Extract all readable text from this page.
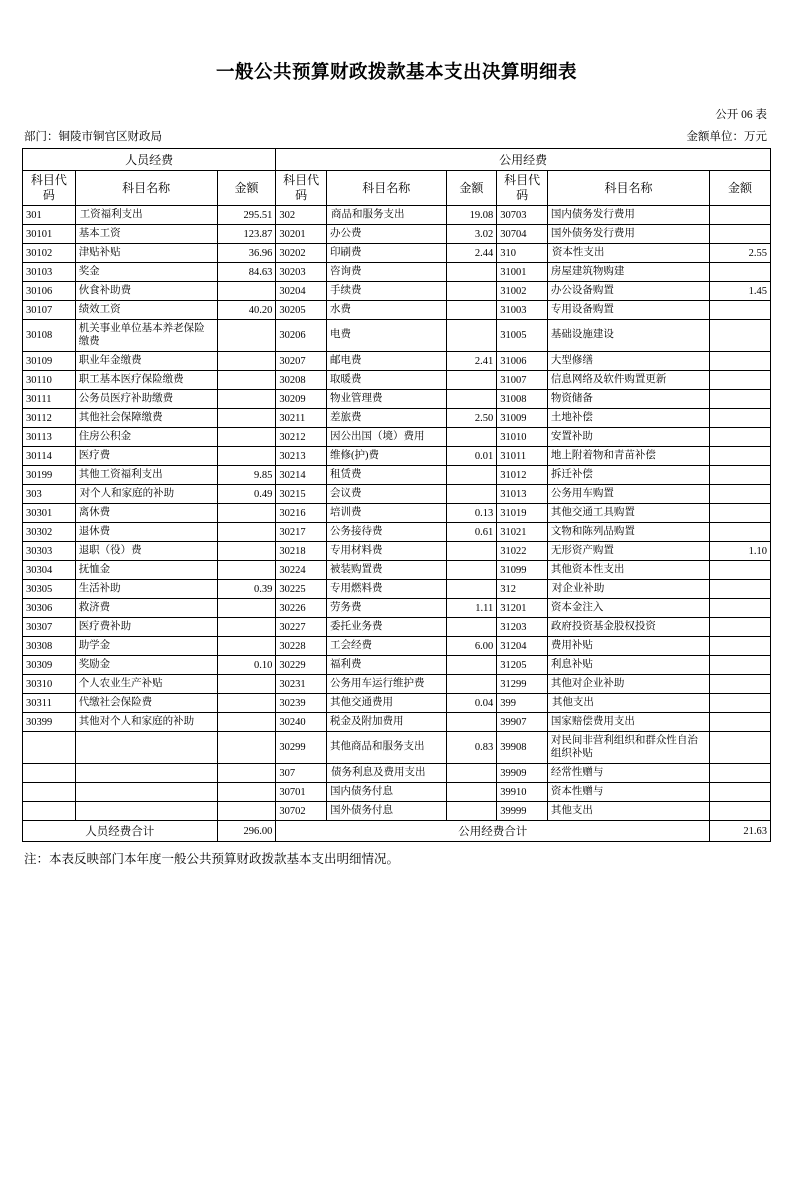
一般公共预算财政拨款基本支出决算明细表
公开 06 表
部门：铜陵市铜官区财政局	金额单位：万元
人员经费			公用经费					
科目代码	科目名称	金额	科目代码	科目名称	金额	科目代码	科目名称	金额
301	工资福利支出	295.51	302	商品和服务支出	19.08	30703	国内债务发行费用	
30101	基本工资	123.87	30201	办公费	3.02	30704	国外债务发行费用	
30102	津贴补贴	36.96	30202	印刷费	2.44	310	资本性支出	2.55
30103	奖金	84.63	30203	咨询费		31001	房屋建筑物购建	
30106	伙食补助费		30204	手续费		31002	办公设备购置	1.45
30107	绩效工资	40.20	30205	水费		31003	专用设备购置	
30108	机关事业单位基本养老保险缴费		30206	电费		31005	基础设施建设	
30109	职业年金缴费		30207	邮电费	2.41	31006	大型修缮	
30110	职工基本医疗保险缴费		30208	取暖费		31007	信息网络及软件购置更新	
30111	公务员医疗补助缴费		30209	物业管理费		31008	物资储备	
30112	其他社会保障缴费		30211	差旅费	2.50	31009	土地补偿	
30113	住房公积金		30212	因公出国（境）费用		31010	安置补助	
30114	医疗费		30213	维修(护)费	0.01	31011	地上附着物和青苗补偿	
30199	其他工资福利支出	9.85	30214	租赁费		31012	拆迁补偿	
303	对个人和家庭的补助	0.49	30215	会议费		31013	公务用车购置	
30301	离休费		30216	培训费	0.13	31019	其他交通工具购置	
30302	退休费		30217	公务接待费	0.61	31021	文物和陈列品购置	
30303	退职（役）费		30218	专用材料费		31022	无形资产购置	1.10
30304	抚恤金		30224	被装购置费		31099	其他资本性支出	
30305	生活补助	0.39	30225	专用燃料费		312	对企业补助	
30306	救济费		30226	劳务费	1.11	31201	资本金注入	
30307	医疗费补助		30227	委托业务费		31203	政府投资基金股权投资	
30308	助学金		30228	工会经费	6.00	31204	费用补贴	
30309	奖励金	0.10	30229	福利费		31205	利息补贴	
30310	个人农业生产补贴		30231	公务用车运行维护费		31299	其他对企业补助	
30311	代缴社会保险费		30239	其他交通费用	0.04	399	其他支出	
30399	其他对个人和家庭的补助		30240	税金及附加费用		39907	国家赔偿费用支出	
			30299	其他商品和服务支出	0.83	39908	对民间非营利组织和群众性自治组织补贴	
			307	债务利息及费用支出		39909	经常性赠与	
			30701	国内债务付息		39910	资本性赠与	
			30702	国外债务付息		39999	其他支出	
人员经费合计		296.00	公用经费合计					21.63
注：本表反映部门本年度一般公共预算财政拨款基本支出明细情况。
